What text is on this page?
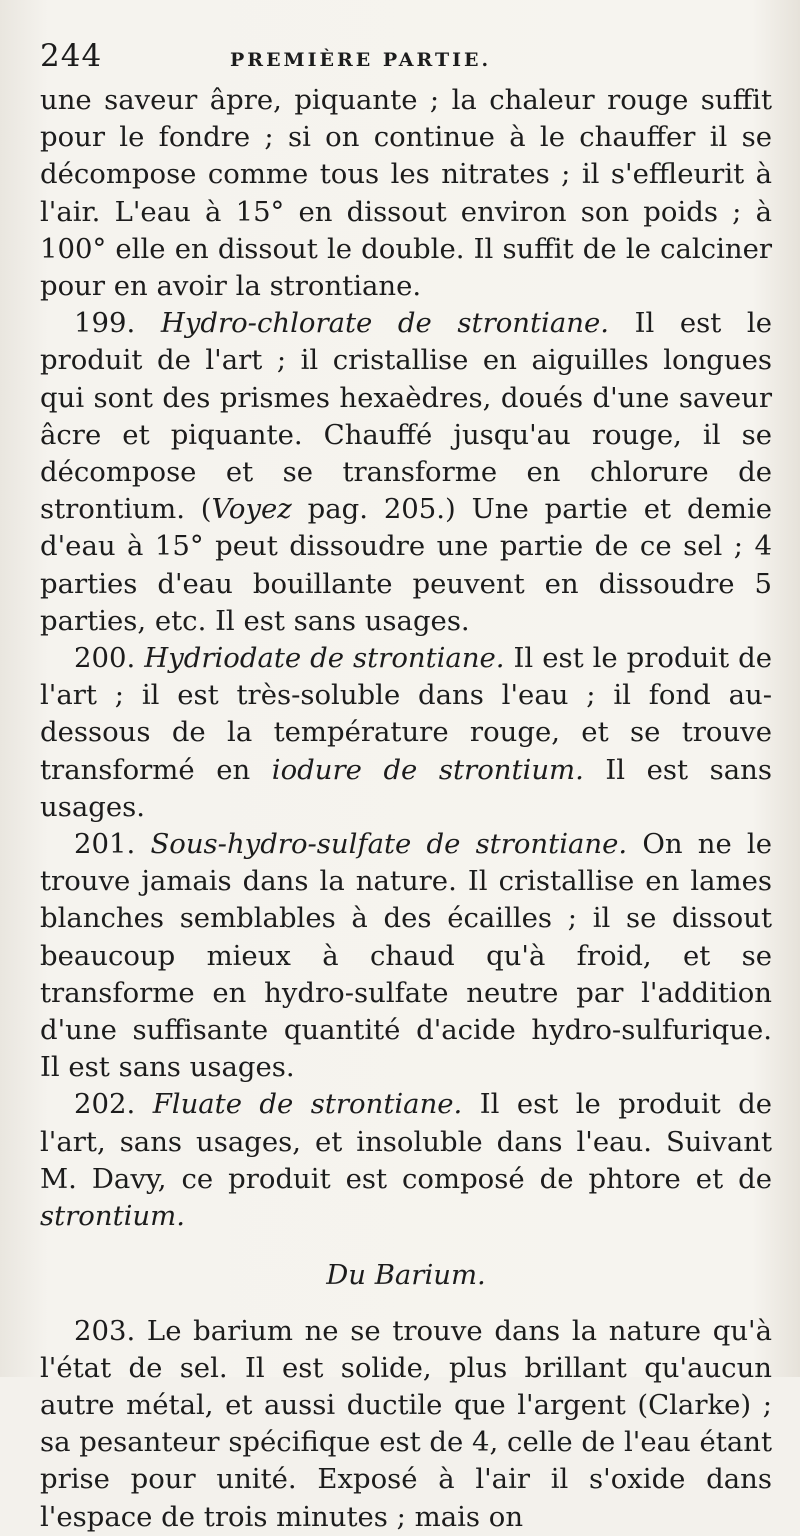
244	PREMIÈRE PARTIE.

une saveur âpre, piquante ; la chaleur rouge suffit pour le fondre ; si on continue à le chauffer il se décompose comme tous les nitrates ; il s'effleurit à l'air. L'eau à 15° en dissout environ son poids ; à 100° elle en dissout le double. Il suffit de le calciner pour en avoir la strontiane.

199. Hydro-chlorate de strontiane. Il est le produit de l'art ; il cristallise en aiguilles longues qui sont des prismes hexaèdres, doués d'une saveur âcre et piquante. Chauffé jusqu'au rouge, il se décompose et se transforme en chlorure de strontium. (Voyez pag. 205.) Une partie et demie d'eau à 15° peut dissoudre une partie de ce sel ; 4 parties d'eau bouillante peuvent en dissoudre 5 parties, etc. Il est sans usages.

200. Hydriodate de strontiane. Il est le produit de l'art ; il est très-soluble dans l'eau ; il fond au-dessous de la température rouge, et se trouve transformé en iodure de strontium. Il est sans usages.

201. Sous-hydro-sulfate de strontiane. On ne le trouve jamais dans la nature. Il cristallise en lames blanches semblables à des écailles ; il se dissout beaucoup mieux à chaud qu'à froid, et se transforme en hydro-sulfate neutre par l'addition d'une suffisante quantité d'acide hydro-sulfurique. Il est sans usages.

202. Fluate de strontiane. Il est le produit de l'art, sans usages, et insoluble dans l'eau. Suivant M. Davy, ce produit est composé de phtore et de strontium.

Du Barium.

203. Le barium ne se trouve dans la nature qu'à l'état de sel. Il est solide, plus brillant qu'aucun autre métal, et aussi ductile que l'argent (Clarke) ; sa pesanteur spécifique est de 4, celle de l'eau étant prise pour unité. Exposé à l'air il s'oxide dans l'espace de trois minutes ; mais on
